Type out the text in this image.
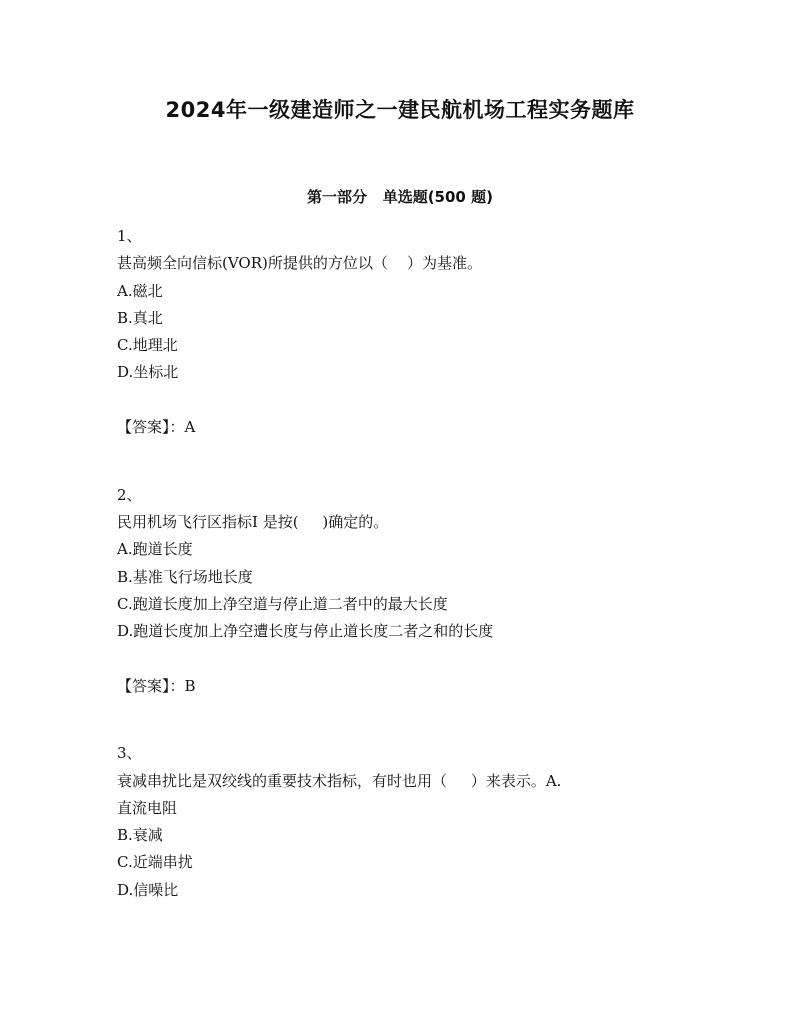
2024年一级建造师之一建民航机场工程实务题库
第一部分   单选题(500 题)
1、
甚高频全向信标(VOR)所提供的方位以（    ）为基准。
A.磁北
B.真北
C.地理北
D.坐标北
【答案】：A
2、
民用机场飞行区指标Ⅰ 是按(     )确定的。
A.跑道长度
B.基准飞行场地长度
C.跑道长度加上净空道与停止道二者中的最大长度
D.跑道长度加上净空遭长度与停止道长度二者之和的长度
【答案】：B
3、
衰减串扰比是双绞线的重要技术指标，有时也用（     ）来表示。A.
直流电阻
B.衰减
C.近端串扰
D.信噪比
